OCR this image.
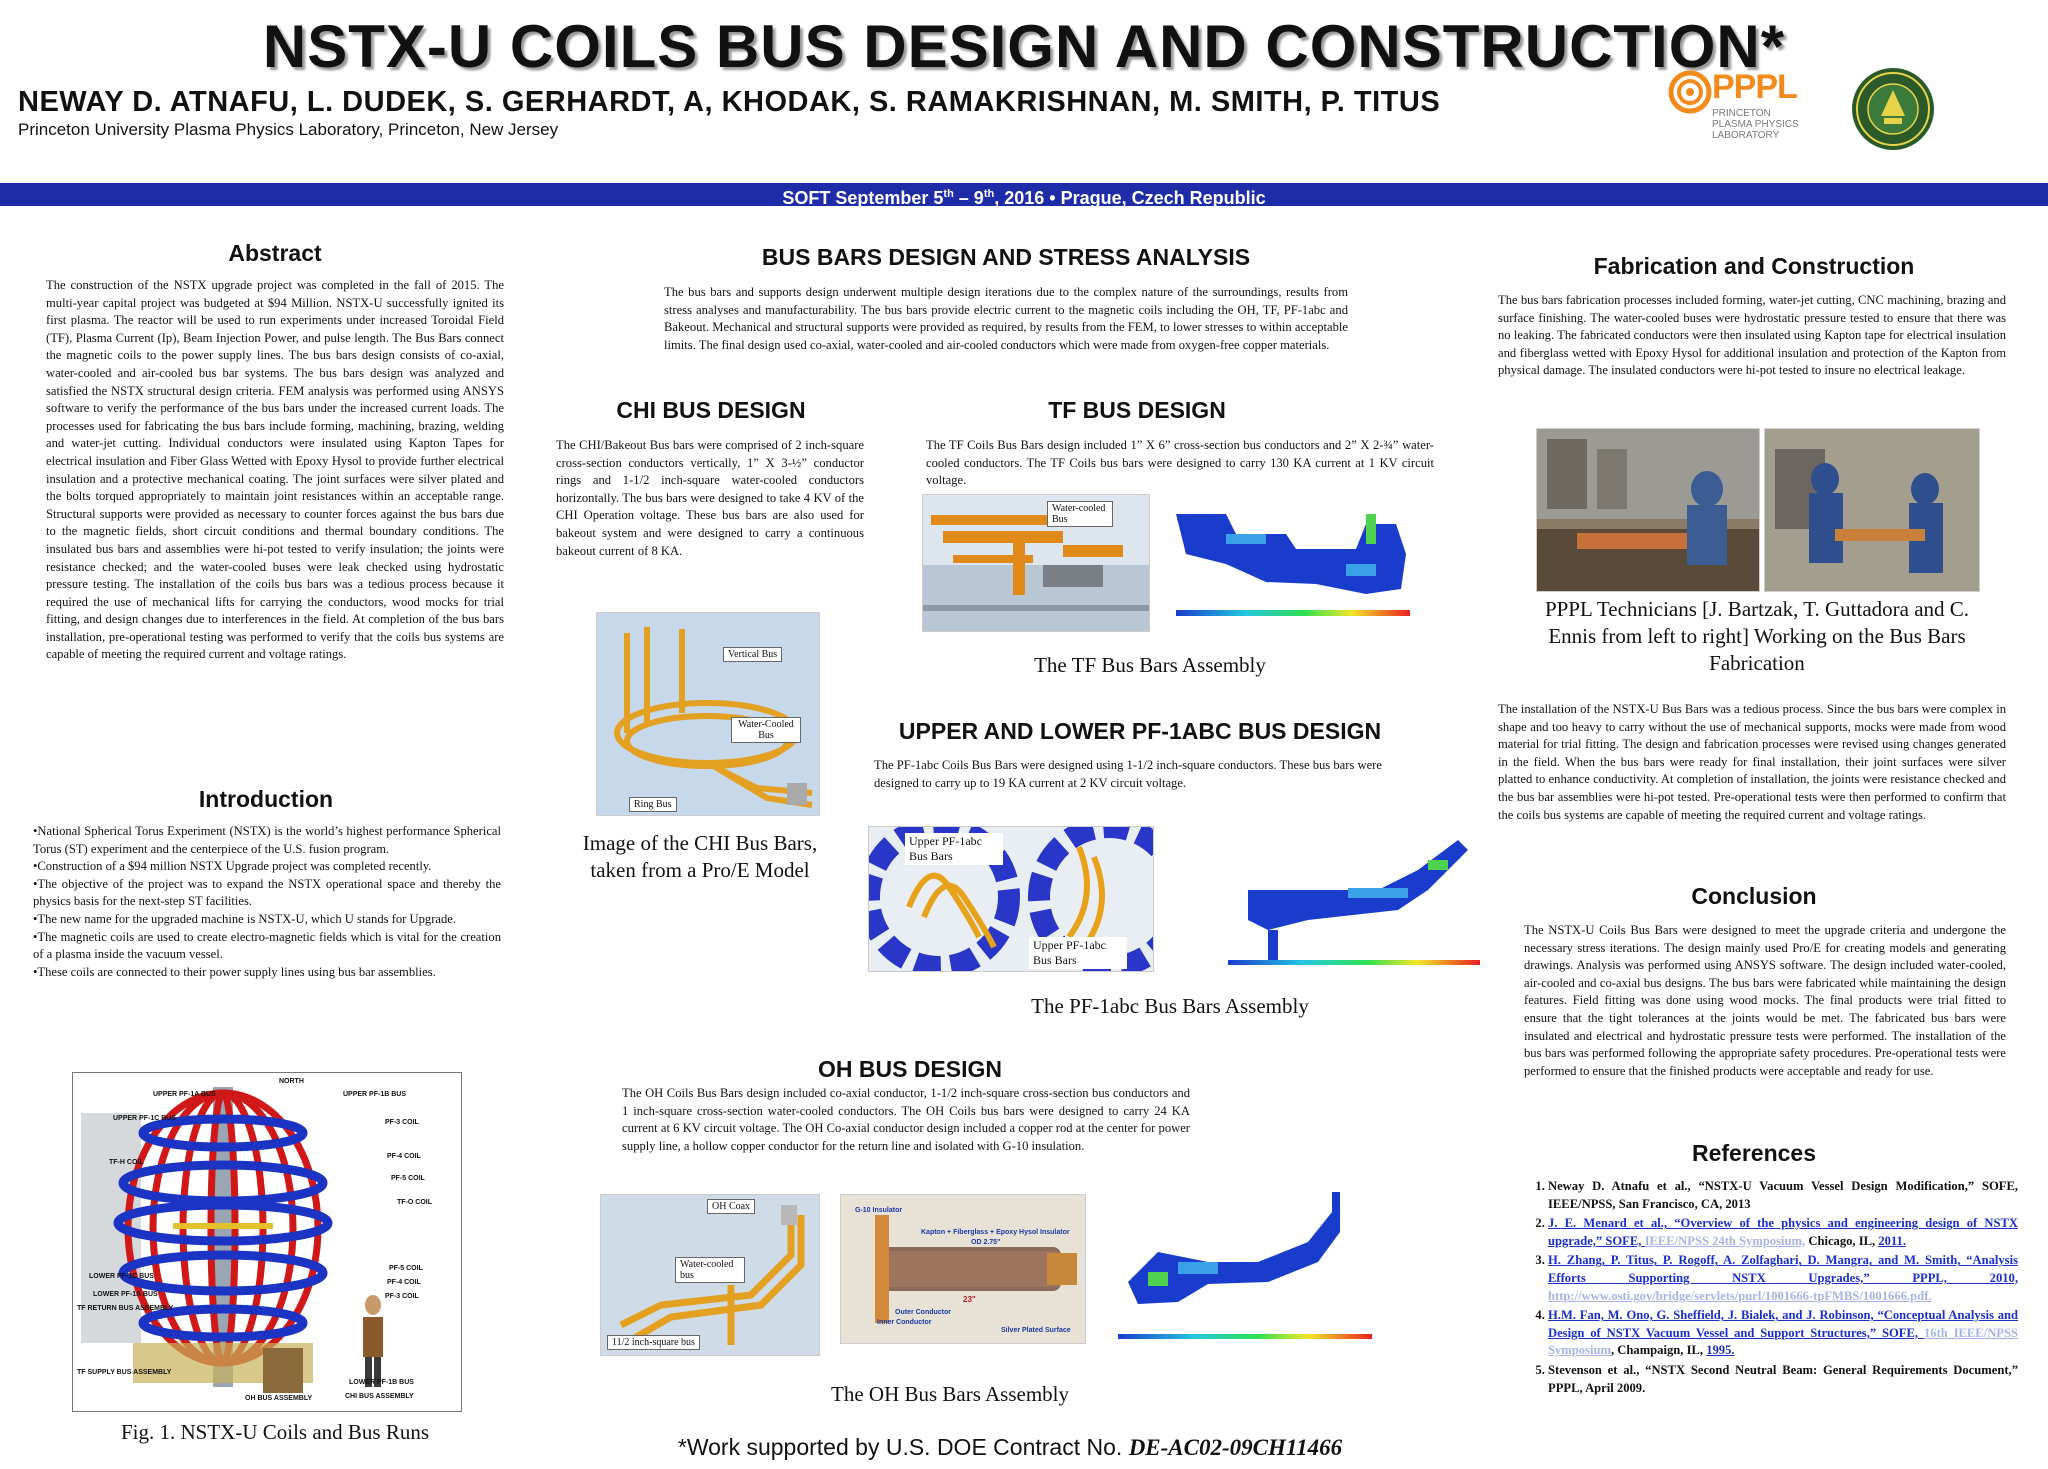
NSTX-U COILS BUS DESIGN AND CONSTRUCTION*
NEWAY D. ATNAFU, L. DUDEK, S. GERHARDT, A, KHODAK, S. RAMAKRISHNAN, M. SMITH, P. TITUS
Princeton University Plasma Physics Laboratory, Princeton, New Jersey
PPPL
PRINCETON
PLASMA PHYSICS
LABORATORY
SOFT September 5th – 9th, 2016 • Prague, Czech Republic
Abstract

The construction of the NSTX upgrade project was completed in the fall of 2015. The multi-year capital project was budgeted at $94 Million. NSTX-U successfully ignited its first plasma. The reactor will be used to run experiments under increased Toroidal Field (TF), Plasma Current (Ip), Beam Injection Power, and pulse length. The Bus Bars connect the magnetic coils to the power supply lines. The bus bars design consists of co-axial, water-cooled and air-cooled bus bar systems. The bus bars design was analyzed and satisfied the NSTX structural design criteria. FEM analysis was performed using ANSYS software to verify the performance of the bus bars under the increased current loads. The processes used for fabricating the bus bars include forming, machining, brazing, welding and water-jet cutting. Individual conductors were insulated using Kapton Tapes for electrical insulation and Fiber Glass Wetted with Epoxy Hysol to provide further electrical insulation and a protective mechanical coating. The joint surfaces were silver plated and the bolts torqued appropriately to maintain joint resistances within an acceptable range. Structural supports were provided as necessary to counter forces against the bus bars due to the magnetic fields, short circuit conditions and thermal boundary conditions. The insulated bus bars and assemblies were hi-pot tested to verify insulation; the joints were resistance checked; and the water-cooled buses were leak checked using hydrostatic pressure testing. The installation of the coils bus bars was a tedious process because it required the use of mechanical lifts for carrying the conductors, wood mocks for trial fitting, and design changes due to interferences in the field. At completion of the bus bars installation, pre-operational testing was performed to verify that the coils bus systems are capable of meeting the required current and voltage ratings.

Introduction
•National Spherical Torus Experiment (NSTX) is the world’s highest performance Spherical Torus (ST) experiment and the centerpiece of the U.S. fusion program.
•Construction of a $94 million NSTX Upgrade project was completed recently.
•The objective of the project was to expand the NSTX operational space and thereby the physics basis for the next-step ST facilities.
•The new name for the upgraded machine is NSTX-U, which U stands for Upgrade.
•The magnetic coils are used to create electro-magnetic fields which is vital for the creation of a plasma inside the vacuum vessel.
•These coils are connected to their power supply lines using bus bar assemblies.
UPPER PF-1A BUS	UPPER PF-1B BUS
UPPER PF-1C BUS
NORTH
PF-3 COIL
TF-H COIL
PF-4 COIL
PF-5 COIL
TF-O COIL
PF-5 COIL
PF-4 COIL
PF-3 COIL
LOWER PF-1C BUS
LOWER PF-1A BUS
TF RETURN BUS ASSEMBLY
TF SUPPLY BUS ASSEMBLY
LOWER PF-1B BUS
CHI BUS ASSEMBLY
OH BUS ASSEMBLY
Fig. 1. NSTX-U Coils and Bus Runs
BUS BARS DESIGN AND STRESS ANALYSIS

The bus bars and supports design underwent multiple design iterations due to the complex nature of the surroundings, results from stress analyses and manufacturability. The bus bars provide electric current to the magnetic coils including the OH, TF, PF-1abc and Bakeout. Mechanical and structural supports were provided as required, by results from the FEM, to lower stresses to within acceptable limits. The final design used co-axial, water-cooled and air-cooled conductors which were made from oxygen-free copper materials.

CHI BUS DESIGN

The CHI/Bakeout Bus bars were comprised of 2 inch-square cross-section conductors vertically, 1” X 3-½” conductor rings and 1-1/2 inch-square water-cooled conductors horizontally. The bus bars were designed to take 4 KV of the CHI Operation voltage. These bus bars are also used for bakeout system and were designed to carry a continuous bakeout current of 8 KA.

Vertical Bus
Water-Cooled Bus
Ring Bus
Image of the CHI Bus Bars, taken from a Pro/E Model
TF BUS DESIGN

The TF Coils Bus Bars design included 1” X 6” cross-section bus conductors and 2” X 2-¾” water-cooled conductors. The TF Coils bus bars were designed to carry 130 KA current at 1 KV circuit voltage.

Water-cooled Bus
The TF Bus Bars Assembly
UPPER AND LOWER PF-1ABC BUS DESIGN

The PF-1abc Coils Bus Bars were designed using 1-1/2 inch-square conductors. These bus bars were designed to carry up to 19 KA current at 2 KV circuit voltage.

Upper PF-1abc Bus Bars
Upper PF-1abc Bus Bars
The PF-1abc Bus Bars Assembly
OH BUS DESIGN

The OH Coils Bus Bars design included co-axial conductor, 1-1/2 inch-square cross-section bus conductors and 1 inch-square cross-section water-cooled conductors. The OH Coils bus bars were designed to carry 24 KA current at 6 KV circuit voltage. The OH Co-axial conductor design included a copper rod at the center for power supply line, a hollow copper conductor for the return line and isolated with G-10 insulation.

OH Coax
Water-cooled bus
11/2 inch-square bus
G-10 Insulator
Kapton + Fiberglass + Epoxy Hysol Insulator
OD 2.75"
23"
Outer Conductor
Inner Conductor
Silver Plated Surface
The OH Bus Bars Assembly
*Work supported by U.S. DOE Contract No. DE-AC02-09CH11466
Fabrication and Construction

The bus bars fabrication processes included forming, water-jet cutting, CNC machining, brazing and surface finishing. The water-cooled buses were hydrostatic pressure tested to ensure that there was no leaking. The fabricated conductors were then insulated using Kapton tape for electrical insulation and fiberglass wetted with Epoxy Hysol for additional insulation and protection of the Kapton from physical damage. The insulated conductors were hi-pot tested to insure no electrical leakage.

PPPL Technicians [J. Bartzak, T. Guttadora and C. Ennis from left to right] Working on the Bus Bars Fabrication

The installation of the NSTX-U Bus Bars was a tedious process. Since the bus bars were complex in shape and too heavy to carry without the use of mechanical supports, mocks were made from wood material for trial fitting. The design and fabrication processes were revised using changes generated in the field. When the bus bars were ready for final installation, their joint surfaces were silver platted to enhance conductivity. At completion of installation, the joints were resistance checked and the bus bar assemblies were hi-pot tested. Pre-operational tests were then performed to confirm that the coils bus systems are capable of meeting the required current and voltage ratings.

Conclusion

The NSTX-U Coils Bus Bars were designed to meet the upgrade criteria and undergone the necessary stress iterations. The design mainly used Pro/E for creating models and generating drawings. Analysis was performed using ANSYS software. The design included water-cooled, air-cooled and co-axial bus designs. The bus bars were fabricated while maintaining the design features. Field fitting was done using wood mocks. The final products were trial fitted to ensure that the tight tolerances at the joints would be met. The fabricated bus bars were insulated and electrical and hydrostatic pressure tests were performed. The installation of the bus bars was performed following the appropriate safety procedures. Pre-operational tests were performed to ensure that the finished products were acceptable and ready for use.

References
1. Neway D. Atnafu et al., “NSTX-U Vacuum Vessel Design Modification,” SOFE, IEEE/NPSS, San Francisco, CA, 2013
2. J. E. Menard et al., “Overview of the physics and engineering design of NSTX upgrade,” SOFE, IEEE/NPSS 24th Symposium, Chicago, IL, 2011.
3. H. Zhang, P. Titus, P. Rogoff, A. Zolfaghari, D. Mangra, and M. Smith, “Analysis Efforts Supporting NSTX Upgrades,” PPPL, 2010, http://www.osti.gov/bridge/servlets/purl/1001666-tpFMBS/1001666.pdf.
4. H.M. Fan, M. Ono, G. Sheffield, J. Bialek, and J. Robinson, “Conceptual Analysis and Design of NSTX Vacuum Vessel and Support Structures,” SOFE, 16th IEEE/NPSS Symposium, Champaign, IL, 1995.
5. Stevenson et al., “NSTX Second Neutral Beam: General Requirements Document,” PPPL, April 2009.
